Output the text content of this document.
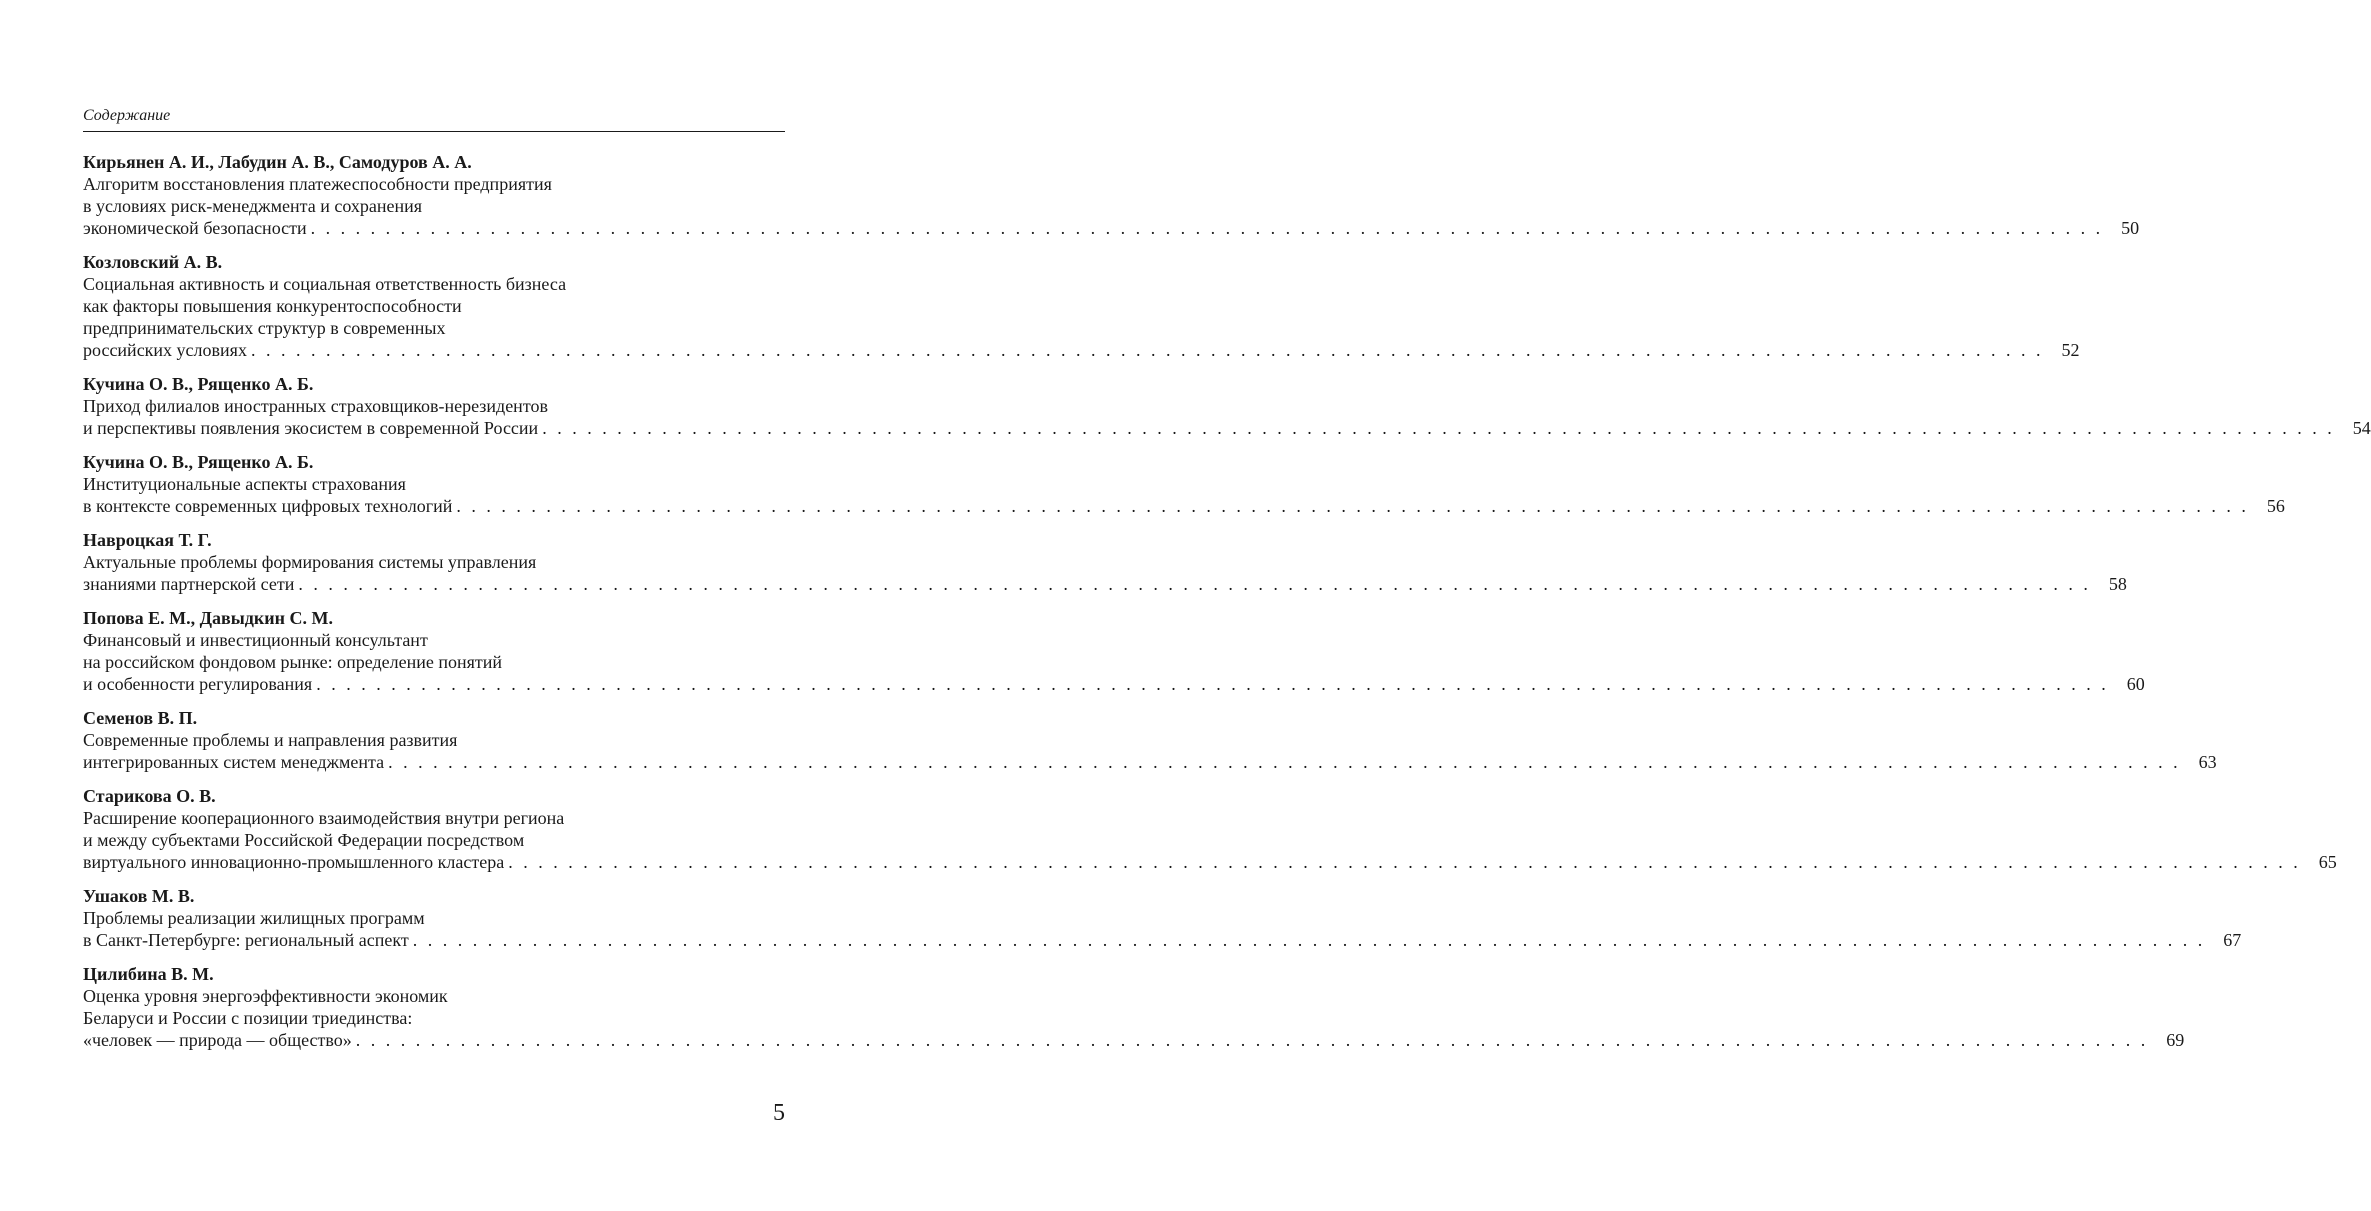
Содержание
Кирьянен А. И., Лабудин А. В., Самодуров А. А.
Алгоритм восстановления платежеспособности предприятия
в условиях риск-менеджмента и сохранения
экономической безопасности . . . . . . . . . . . . . . . . . . . . . . . . . . . . . . . . . . . . . . . . . . . . . . . . . . . . . . . . . . . . . . . . . . . . . . . . . . . . . . . . . . . . . . . . . . . . . . . . . . . . . . . . . . . . . . . . . . . . . . . .	50
Козловский А. В.
Социальная активность и социальная ответственность бизнеса
как факторы повышения конкурентоспособности
предпринимательских структур в современных
российских условиях . . . . . . . . . . . . . . . . . . . . . . . . . . . . . . . . . . . . . . . . . . . . . . . . . . . . . . . . . . . . . . . . . . . . . . . . . . . . . . . . . . . . . . . . . . . . . . . . . . . . . . . . . . . . . . . . . . . . . . . .	52
Кучина О. В., Рященко А. Б.
Приход филиалов иностранных страховщиков-нерезидентов
и перспективы появления экосистем в современной России . . . . . . . . . . . . . . . . . . . . . . . . . . . . . . . . . . . . . . . . . . . . . . . . . . . . . . . . . . . . . . . . . . . . . . . . . . . . . . . . . . . . . . . . . . . . . . . . . . . . . . . . . . . . . . . . . . . . . . . .	54
Кучина О. В., Рященко А. Б.
Институциональные аспекты страхования
в контексте современных цифровых технологий . . . . . . . . . . . . . . . . . . . . . . . . . . . . . . . . . . . . . . . . . . . . . . . . . . . . . . . . . . . . . . . . . . . . . . . . . . . . . . . . . . . . . . . . . . . . . . . . . . . . . . . . . . . . . . . . . . . . . . . .	56
Навроцкая Т. Г.
Актуальные проблемы формирования системы управления
знаниями партнерской сети . . . . . . . . . . . . . . . . . . . . . . . . . . . . . . . . . . . . . . . . . . . . . . . . . . . . . . . . . . . . . . . . . . . . . . . . . . . . . . . . . . . . . . . . . . . . . . . . . . . . . . . . . . . . . . . . . . . . . . . .	58
Попова Е. М., Давыдкин С. М.
Финансовый и инвестиционный консультант
на российском фондовом рынке: определение понятий
и особенности регулирования . . . . . . . . . . . . . . . . . . . . . . . . . . . . . . . . . . . . . . . . . . . . . . . . . . . . . . . . . . . . . . . . . . . . . . . . . . . . . . . . . . . . . . . . . . . . . . . . . . . . . . . . . . . . . . . . . . . . . . . .	60
Семенов В. П.
Современные проблемы и направления развития
интегрированных систем менеджмента . . . . . . . . . . . . . . . . . . . . . . . . . . . . . . . . . . . . . . . . . . . . . . . . . . . . . . . . . . . . . . . . . . . . . . . . . . . . . . . . . . . . . . . . . . . . . . . . . . . . . . . . . . . . . . . . . . . . . . . .	63
Старикова О. В.
Расширение кооперационного взаимодействия внутри региона
и между субъектами Российской Федерации посредством
виртуального инновационно-промышленного кластера . . . . . . . . . . . . . . . . . . . . . . . . . . . . . . . . . . . . . . . . . . . . . . . . . . . . . . . . . . . . . . . . . . . . . . . . . . . . . . . . . . . . . . . . . . . . . . . . . . . . . . . . . . . . . . . . . . . . . . . .	65
Ушаков М. В.
Проблемы реализации жилищных программ
в Санкт-Петербурге: региональный аспект . . . . . . . . . . . . . . . . . . . . . . . . . . . . . . . . . . . . . . . . . . . . . . . . . . . . . . . . . . . . . . . . . . . . . . . . . . . . . . . . . . . . . . . . . . . . . . . . . . . . . . . . . . . . . . . . . . . . . . . .	67
Цилибина В. М.
Оценка уровня энергоэффективности экономик
Беларуси и России с позиции триединства:
«человек — природа — общество» . . . . . . . . . . . . . . . . . . . . . . . . . . . . . . . . . . . . . . . . . . . . . . . . . . . . . . . . . . . . . . . . . . . . . . . . . . . . . . . . . . . . . . . . . . . . . . . . . . . . . . . . . . . . . . . . . . . . . . . .	69
5
